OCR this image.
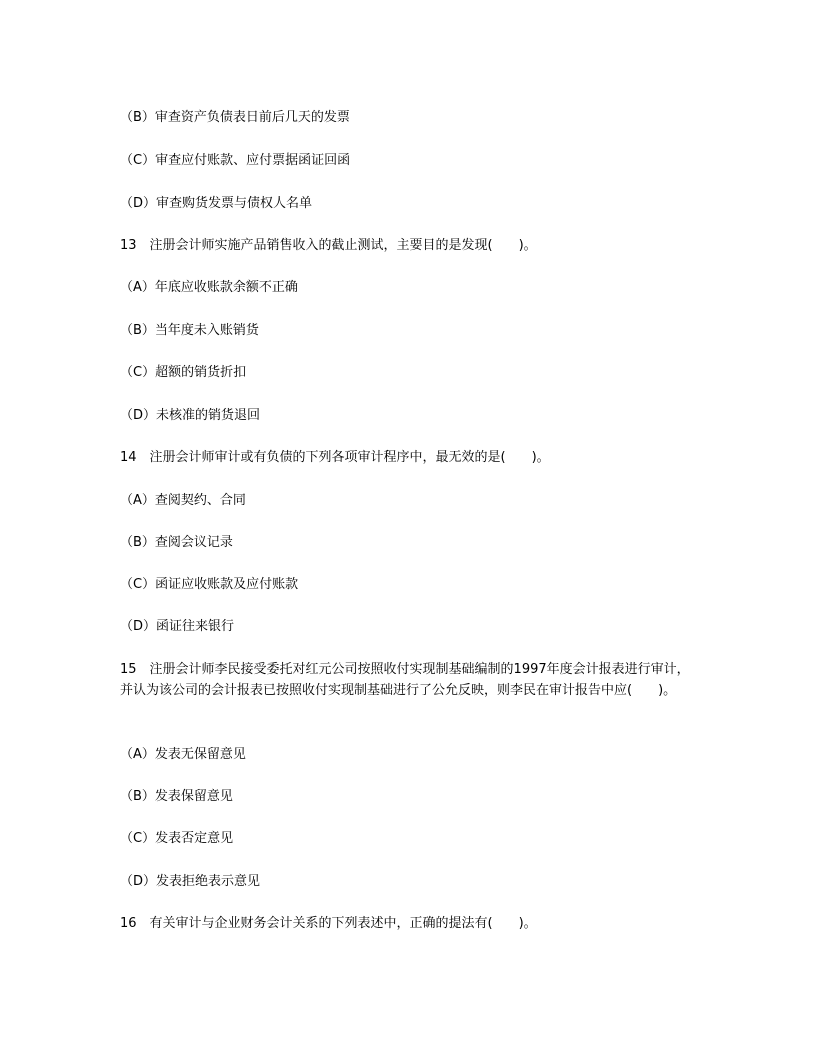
（B）审查资产负债表日前后几天的发票

（C）审查应付账款、应付票据函证回函

（D）审查购货发票与债权人名单

13　注册会计师实施产品销售收入的截止测试，主要目的是发现(　　)。

（A）年底应收账款余额不正确

（B）当年度未入账销货

（C）超额的销货折扣

（D）未核准的销货退回

14　注册会计师审计或有负债的下列各项审计程序中，最无效的是(　　)。

（A）查阅契约、合同

（B）查阅会议记录

（C）函证应收账款及应付账款

（D）函证往来银行

15　注册会计师李民接受委托对红元公司按照收付实现制基础编制的1997年度会计报表进行审计，并认为该公司的会计报表已按照收付实现制基础进行了公允反映，则李民在审计报告中应(　　)。

（A）发表无保留意见

（B）发表保留意见

（C）发表否定意见

（D）发表拒绝表示意见

16　有关审计与企业财务会计关系的下列表述中，正确的提法有(　　)。
